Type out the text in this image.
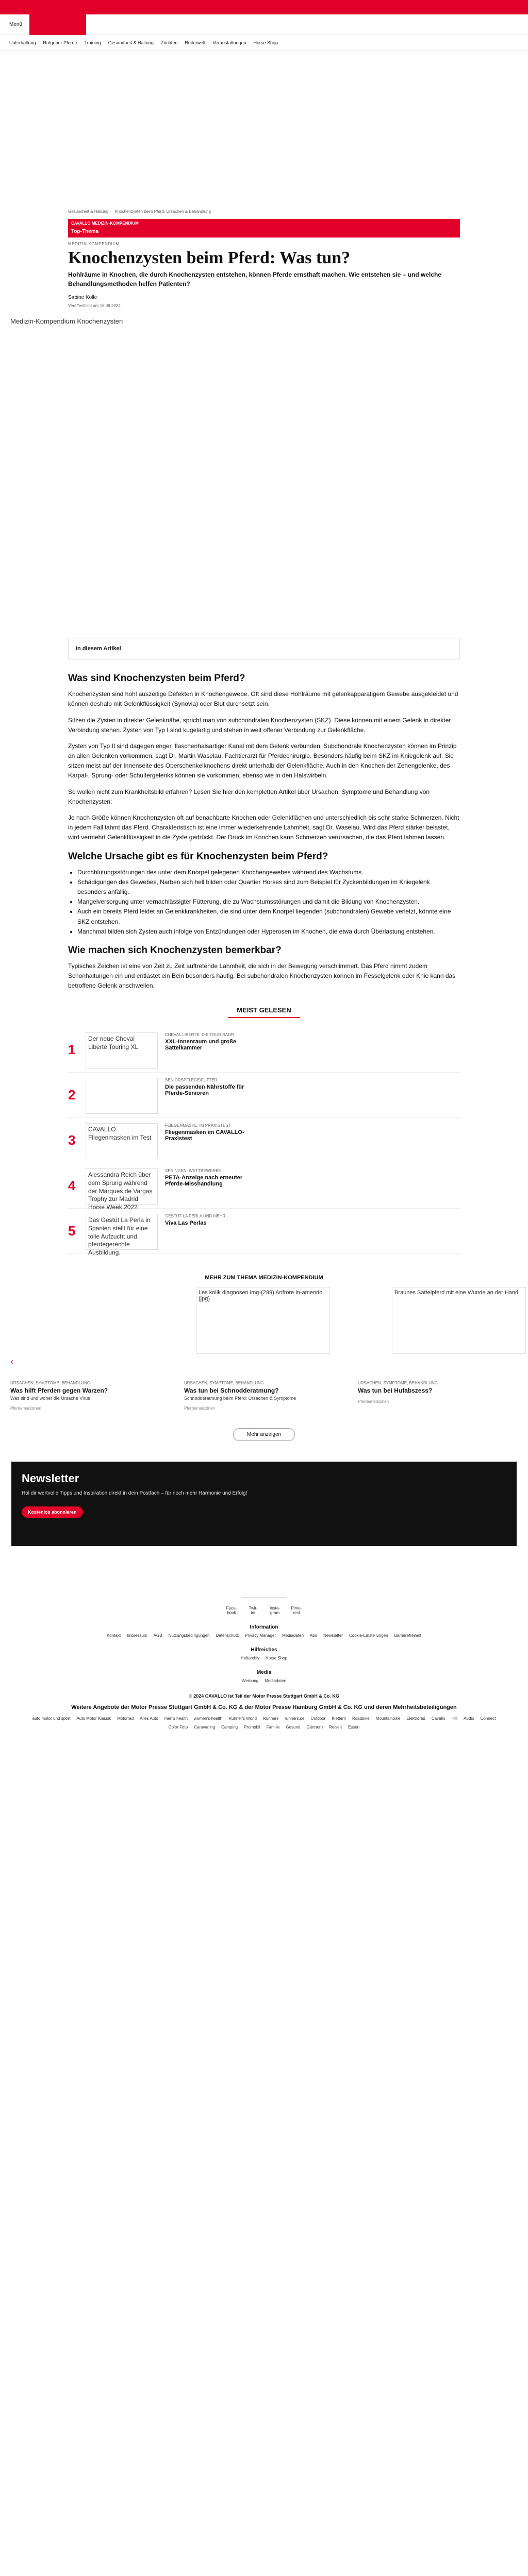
Menü
Unterhaltung Ratgeber Pferde Training Gesundheit & Haltung Züchten Reiterwelt Veranstaltungen Horse Shop
Gesundheit & Haltung Knochenzysten beim Pferd: Ursachen & Behandlung
CAVALLO MEDIZIN-KOMPENDIUM
Top-Thema
MEDIZIN-KOMPENDIUM
Knochenzysten beim Pferd: Was tun?
Hohlräume in Knochen, die durch Knochenzysten entstehen, können Pferde ernsthaft machen. Wie entstehen sie – und welche Behandlungsmethoden helfen Patienten?
Sabine Kölle
Veröffentlicht am 16.08.2024
Medizin-Kompendium Knochenzysten
In diesem Artikel
Was sind Knochenzysten beim Pferd?

Knochenzysten sind hohl auszeitige Defekten in Knochengewebe. Oft sind diese Hohlräume mit gelenkapparatigem Gewebe ausgekleidet und können deshalb mit Gelenkflüssigkeit (Synovia) oder Blut durchsetzt sein.

Sitzen die Zysten in direkter Gelenknähe, spricht man von subchondralen Knochenzysten (SKZ). Diese können mit einem Gelenk in direkter Verbindung stehen. Zysten von Typ I sind kugelartig und stehen in weit offener Verbindung zur Gelenkfläche.

Zysten von Typ II sind dagegen enger, flaschenhalsartiger Kanal mit dem Gelenk verbunden. Subchondrale Knochenzysten können im Prinzip an allen Gelenken vorkommen, sagt Dr. Martin Waselau, Fachtierarzt für Pferdechirurgie. Besonders häufig beim SKZ im Kniegelenk auf. Sie sitzen meist auf der Innenseite des Oberschenkelknochens direkt unterhalb der Gelenkfläche. Auch in den Knochen der Zehengelenke, des Karpal-, Sprung- oder Schultergelenks können sie vorkommen, ebenso wie in den Halswirbeln.

So wollen nicht zum Krankheitsbild erfahren? Lesen Sie hier den kompletten Artikel über Ursachen, Symptome und Behandlung von Knochenzysten:

Je nach Größe können Knochenzysten oft auf benachbarte Knochen oder Gelenkflächen und unterschiedlich bis sehr starke Schmerzen. Nicht in jedem Fall lahmt das Pferd. Charakteristisch ist eine immer wiederkehrende Lahmheit, sagt Dr. Waselau. Wird das Pferd stärker belastet, wird vermehrt Gelenkflüssigkeit in die Zyste gedrückt. Der Druck im Knochen kann Schmerzen verursachen, die das Pferd lahmen lassen.

Welche Ursache gibt es für Knochenzysten beim Pferd?
• Durchblutungsstörungen des unter dem Knorpel gelegenen Knochengewebes während des Wachstums.
• Schädigungen des Gewebes, Narben sich hell bilden oder Quartier Horses sind zum Beispiel für Zyckenbildungen im Kniegelenk besonders anfällig.
• Mangelversorgung unter vernachlässigter Fütterung, die zu Wachstumsstörungen und damit die Bildung von Knochenzysten.
• Auch ein bereits Pferd leidet an Gelenkkrankheiten, die sind unter dem Knorpel liegenden (subchondralen) Gewebe verletzt, könnte eine SKZ entstehen.
• Manchmal bilden sich Zysten auch infolge von Entzündungen oder Hyperosen im Knochen, die etwa durch Überlastung entstehen.
Wie machen sich Knochenzysten bemerkbar?

Typisches Zeichen ist eine von Zeit zu Zeit auftretende Lahmheit, die sich in der Bewegung verschlimmert. Das Pferd nimmt zudem Schonhaltungen ein und entlastet ein Bein besonders häufig. Bei subchondralen Knochenzysten können im Fesselgelenk oder Knie kann das betroffene Gelenk anschwellen.

MEIST GELESEN
1
Der neue Cheval Liberté Touring XL
CHEVAL LIBERTÉ: DIE TOUR RADR
XXL-Innenraum und große Sattelkammer
2
SENIORSPFLEGE/FUTTER
Die passenden Nährstoffe für Pferde-Senioren
3
CAVALLO Fliegenmasken im Test
FLIEGENMASKE: IM PRAXISTEST
Fliegenmasken im CAVALLO-Praxistest
4
Alessandra Reich über dem Sprung während der Marques de Vargas Trophy zur Madrid Horse Week 2022
SPRINGEN: WETTBEWERBE
PETA-Anzeige nach erneuter Pferde-Misshandlung
5
Das Gestüt La Perla in Spanien stellt für eine tolle Aufzucht und pferdegerechte Ausbildung.
GESTÜT LA PERLA UND MEHR
Viva Las Perlas
MEHR ZUM THEMA MEDIZIN-KOMPENDIUM
Les kolik diagnosen img-(299) Anfrore in-amendo (jpg)
Braunes Sattelpferd mit eine Wunde an der Hand
‹
URSACHEN, SYMPTOME, BEHANDLUNG
Was hilft Pferden gegen Warzen?
Was sind und woher die Ursache Virus
Pferdemedizinen
URSACHEN, SYMPTOME, BEHANDLUNG
Was tun bei Schnodderatmung?
Schnodderatmung beim Pferd: Ursachen & Symptome
Pferdemedizinen
URSACHEN, SYMPTOME, BEHANDLUNG
Was tun bei Hufabszess?
Pferdemedizinen
Mehr anzeigen
Newsletter
Hol dir wertvolle Tipps und Inspiration direkt in dein Postfach – für noch mehr Harmonie und Erfolg!
Kostenlos abonnieren
Face-book
Twit-ter
Insta-gram
Pinte-rest
Information
Kontakt Impressum AGB Nutzungsbedingungen Datenschutz Privacy Manager Mediadaten Abo Newsletter Cookie-Einstellungen Barrierefreiheit
Hilfreiches
Heftarchiv Horse Shop
Media
Werbung Mediadaten
© 2024 CAVALLO ist Teil der Motor Presse Stuttgart GmbH & Co. KG
Weitere Angebote der Motor Presse Stuttgart GmbH & Co. KG & der Motor Presse Hamburg GmbH & Co. KG und deren Mehrheitsbeteiligungen
auto motor und sport Auto Motor Klassik Motorrad Alles Auto men's health women's health Runner's World Runners runners.de Outdoor Klettern Roadbike Mountainbike Elektrorad Cavallo Hifi Audio Connect
Color Foto Caravaning Camping Promobil Familie Gesund Gärtnern Reisen Essen
